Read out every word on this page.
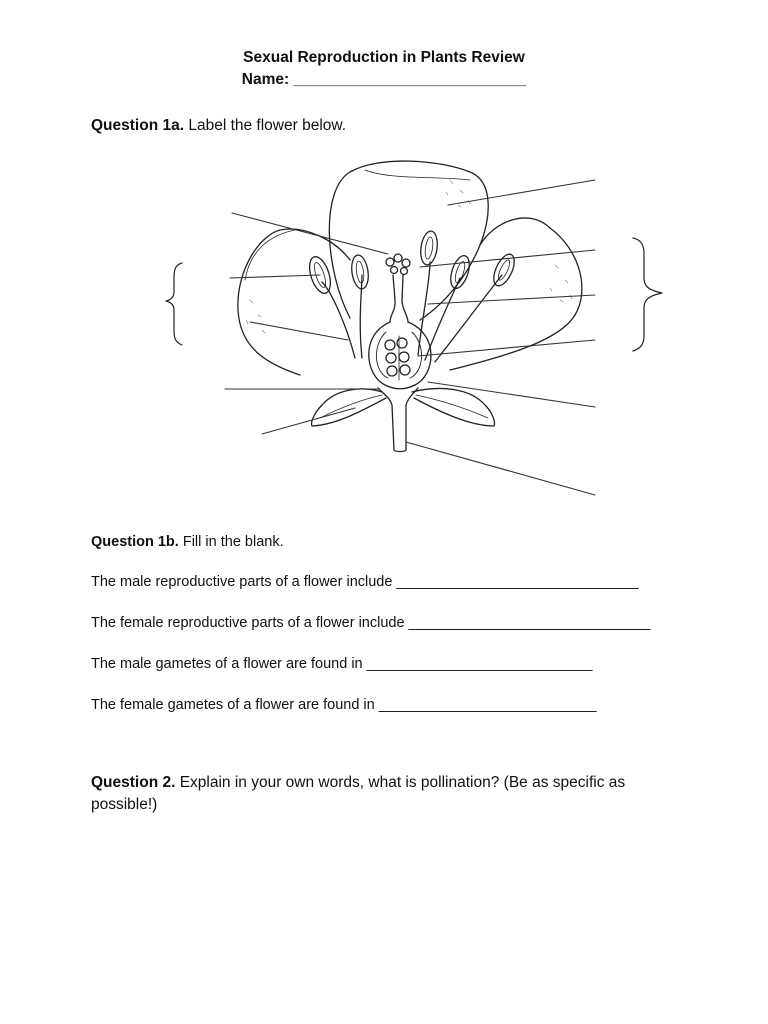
Sexual Reproduction in Plants Review
Name: ___________________________
Question 1a. Label the flower below.
Question 1b. Fill in the blank.
The male reproductive parts of a flower include ______________________________
The female reproductive parts of a flower include ______________________________
The male gametes of a flower are found in ____________________________
The female gametes of a flower are found in ___________________________
Question 2. Explain in your own words, what is pollination? (Be as specific as possible!)
